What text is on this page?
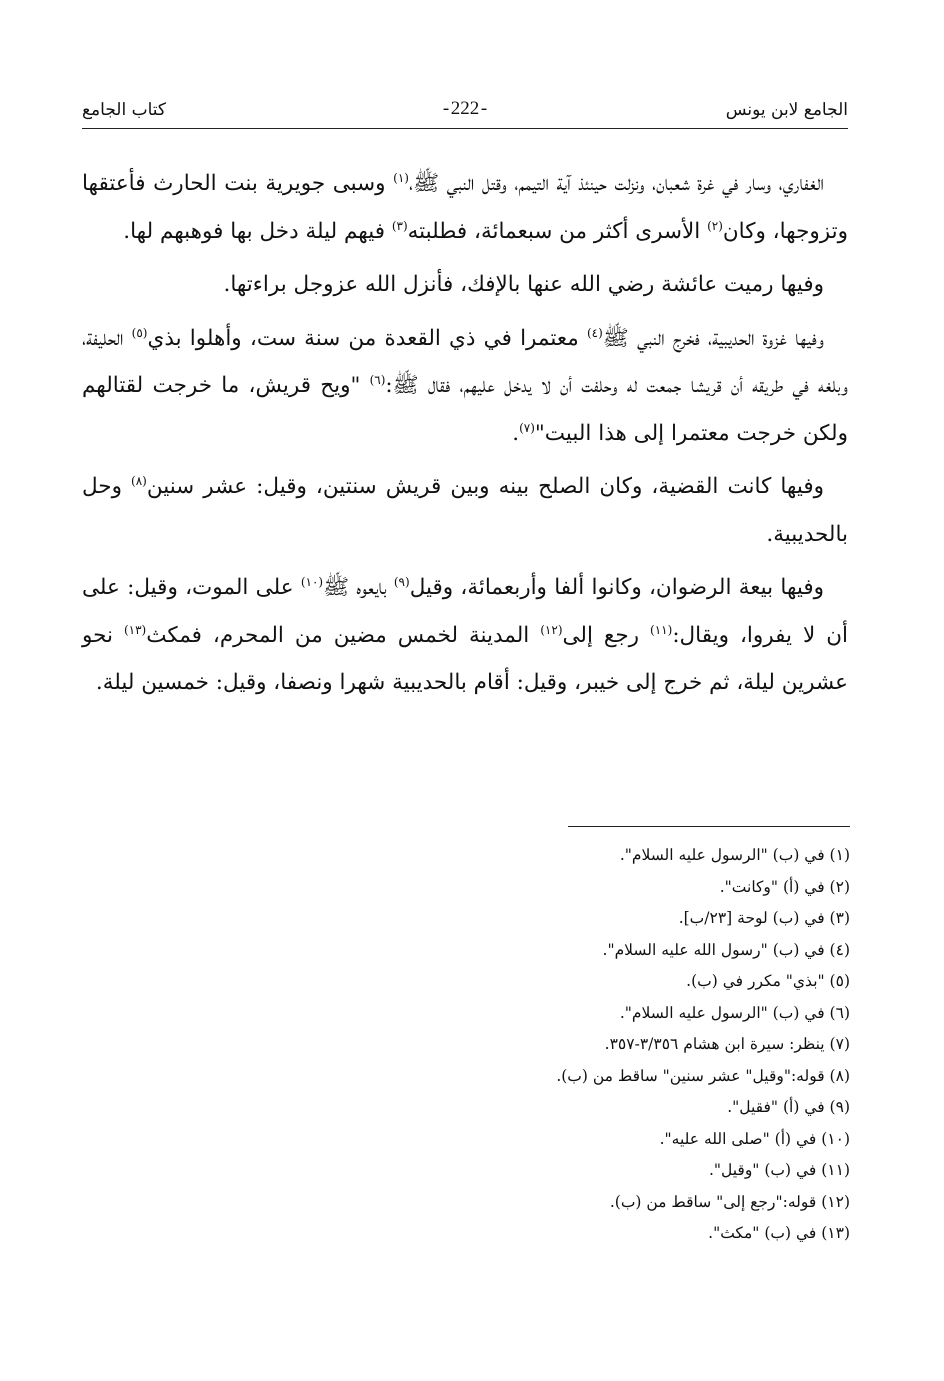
الجامع لابن يونس
- 222 -
كتاب الجامع

الغفاري، وسار في غرة شعبان، ونزلت حينئذ آية التيمم، وقتل النبي ﷺ،$^{(١)}$ وسبى جويرية بنت الحارث فأعتقها وتزوجها، وكان$^{(٢)}$ الأسرى أكثر من سبعمائة، فطلبته$^{(٣)}$ فيهم ليلة دخل بها فوهبهم لها.

وفيها رميت عائشة رضي الله عنها بالإفك، فأنزل الله عزوجل براءتها.

وفيها غزوة الحديبية، فخرج النبي ﷺ$^{(٤)}$ معتمرا في ذي القعدة من سنة ست، وأهلوا بذي$^{(٥)}$ الحليفة، وبلغه في طريقه أن قريشا جمعت له وحلفت أن لا يدخل عليهم، فقال ﷺ:$^{(٦)}$ "ويح قريش، ما خرجت لقتالهم ولكن خرجت معتمرا إلى هذا البيت"$^{(٧)}$.

وفيها كانت القضية، وكان الصلح بينه وبين قريش سنتين، وقيل: عشر سنين$^{(٨)}$ وحل بالحديبية.

وفيها بيعة الرضوان، وكانوا ألفا وأربعمائة، وقيل$^{(٩)}$ بايعوه ﷺ$^{(١٠)}$ على الموت، وقيل: على أن لا يفروا، ويقال:$^{(١١)}$ رجع إلى$^{(١٢)}$ المدينة لخمس مضين من المحرم، فمكث$^{(١٣)}$ نحو عشرين ليلة، ثم خرج إلى خيبر، وقيل: أقام بالحديبية شهرا ونصفا، وقيل: خمسين ليلة.

(١) في (ب) "الرسول عليه السلام".
(٢) في (أ) "وكانت".
(٣) في (ب) لوحة [٢٣/ب].
(٤) في (ب) "رسول الله عليه السلام".
(٥) "بذي" مكرر في (ب).
(٦) في (ب) "الرسول عليه السلام".
(٧) ينظر: سيرة ابن هشام ٣/٣٥٦-٣٥٧.
(٨) قوله:"وقيل" عشر سنين" ساقط من (ب).
(٩) في (أ) "فقيل".
(١٠) في (أ) "صلى الله عليه".
(١١) في (ب) "وقيل".
(١٢) قوله:"رجع إلى" ساقط من (ب).
(١٣) في (ب) "مكث".
